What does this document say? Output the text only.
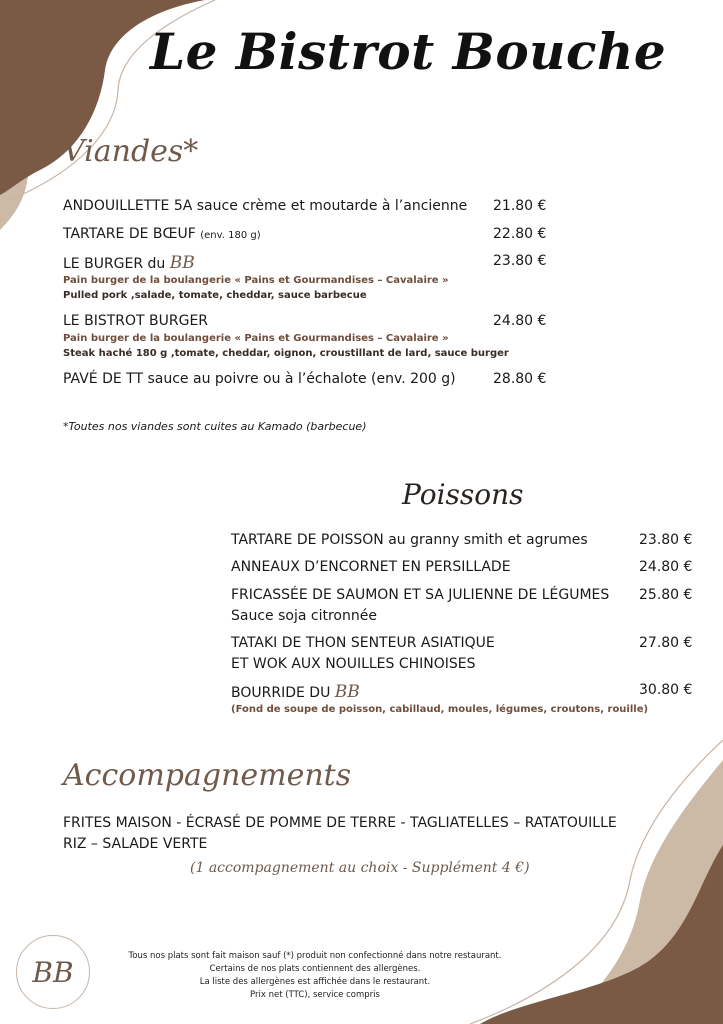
Le Bistrot Bouche
Viandes*
ANDOUILLETTE 5A sauce crème et moutarde à l’ancienne 21.80 €
TARTARE DE BŒUF (env. 180 g)	22.80 €
LE BURGER du BB	23.80 €
Pain burger de la boulangerie « Pains et Gourmandises – Cavalaire »
Pulled pork ,salade, tomate, cheddar, sauce barbecue
LE BISTROT BURGER	24.80 €
Pain burger de la boulangerie « Pains et Gourmandises – Cavalaire »
Steak haché 180 g ,tomate, cheddar, oignon, croustillant de lard, sauce burger
PAVÉ DE TT sauce au poivre ou à l’échalote (env. 200 g)	28.80 €
*Toutes nos viandes sont cuites au Kamado (barbecue)
Poissons
TARTARE DE POISSON au granny smith et agrumes	23.80 €
ANNEAUX D’ENCORNET EN PERSILLADE	24.80 €
FRICASSÉE DE SAUMON ET SA JULIENNE DE LÉGUMES 25.80 €
Sauce soja citronnée
TATAKI DE THON SENTEUR ASIATIQUE	27.80 €
ET WOK AUX NOUILLES CHINOISES
BOURRIDE DU BB	30.80 €
(Fond de soupe de poisson, cabillaud, moules, légumes, croutons, rouille)
Accompagnements
FRITES MAISON - ÉCRASÉ DE POMME DE TERRE - TAGLIATELLES – RATATOUILLE
RIZ – SALADE VERTE
(1 accompagnement au choix - Supplément 4 €)
BB	Tous nos plats sont fait maison sauf (*) produit non confectionné dans notre restaurant.
Certains de nos plats contiennent des allergènes.
La liste des allergènes est affichée dans le restaurant.
Prix net (TTC), service compris
